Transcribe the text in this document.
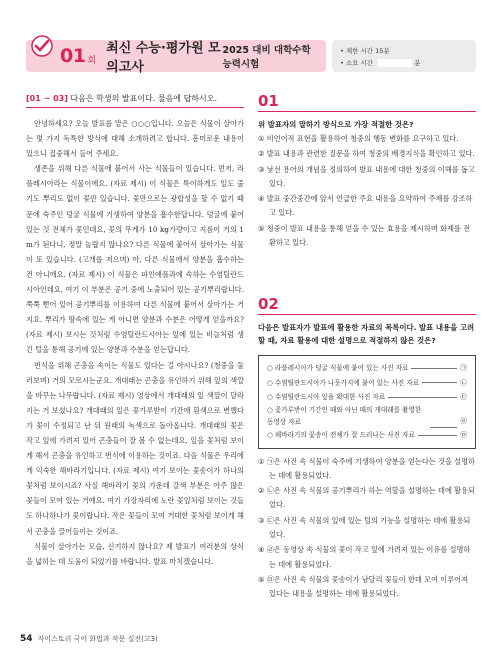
01 회
최신 수능·평가원 모의고사
2025 대비 대학수학능력시험
• 제한 시간 15분
• 소요 시간	분
[01 ~ 03] 다음은 학생의 발표이다. 물음에 답하시오.

안녕하세요? 오늘 발표를 맡은 ○○○입니다. 오늘은 식물이 살아가는 몇 가지 독특한 방식에 대해 소개하려고 합니다. 흥미로운 내용이 있으니 집중해서 들어 주세요.

생존을 위해 다른 식물에 붙어서 사는 식물들이 있습니다. 먼저, 라플레시아라는 식물이에요. (자료 제시) 이 식물은 특이하게도 잎도 줄기도 뿌리도 없이 꽃만 있습니다. 꽃만으로는 광합성을 할 수 없기 때문에 숙주인 덩굴 식물에 기생하여 양분을 흡수한답니다. 덩굴에 붙어 있는 것 전체가 꽃인데요, 꽃의 무게가 10 kg가량이고 지름이 거의 1 m가 된다니, 정말 놀랍지 않나요? 다른 식물에 붙어서 살아가는 식물이 또 있습니다. (고개를 저으며) 아, 다른 식물에서 양분을 흡수하는 건 아니에요. (자료 제시) 이 식물은 파인애플과에 속하는 수염틸란드시아인데요, 여기 이 부분은 공기 중에 노출되어 있는 공기뿌리랍니다. 쭉쭉 뻗어 있어 공기뿌리를 이용하여 다른 식물에 붙어서 살아가는 거지요. 뿌리가 땅속에 있는 게 아니면 양분과 수분은 어떻게 얻을까요? (자료 제시) 보시는 것처럼 수염틸란드시아는 잎에 있는 비늘처럼 생긴 털을 통해 공기에 있는 양분과 수분을 얻는답니다.

번식을 위해 곤충을 속이는 식물도 있다는 걸 아시나요? (청중을 둘러보며) 거의 모르시는군요. 개대래는 곤충을 유인하기 위해 잎의 색깔을 바꾸는 나무랍니다. (자료 제시) 영상에서 개대래의 잎 색깔이 달라지는 거 보셨나요? 개대래의 잎은 꽃가루받이 기간에 흰색으로 변했다가 꽃이 수정되고 난 뒤 원래의 녹색으로 돌아옵니다. 개대래의 꽃은 작고 잎에 가려져 있어 곤충들이 잘 볼 수 없는데요, 잎을 꽃처럼 보이게 해서 곤충을 유인하고 번식에 이용하는 것이죠. 다음 식물은 우리에게 익숙한 해바라기입니다. (자료 제시) 여기 보이는 꽃송이가 하나의 꽃처럼 보이시죠? 사실 해바라기 꽃의 가운데 갈색 부분은 아주 많은 꽃들이 모여 있는 거예요. 여기 가장자리에 노란 꽃잎처럼 보이는 것들도 하나하나가 꽃이랍니다. 작은 꽃들이 모여 거대한 꽃처럼 보이게 해서 곤충을 끌어들이는 것이죠.

식물이 살아가는 모습, 신기하지 않나요? 제 발표가 여러분의 상식을 넓히는 데 도움이 되었기를 바랍니다. 발표 마치겠습니다.

01
위 발표자의 말하기 방식으로 가장 적절한 것은?
① 비언어적 표현을 활용하여 청중의 행동 변화를 요구하고 있다.
② 발표 내용과 관련한 질문을 하여 청중의 배경지식을 확인하고 있다.
③ 낯선 용어의 개념을 정의하여 발표 내용에 대한 청중의 이해를 돕고 있다.
④ 발표 중간중간에 앞서 언급한 주요 내용을 요약하여 주제를 강조하고 있다.
⑤ 청중이 발표 내용을 통해 얻을 수 있는 효용을 제시하며 화제를 전환하고 있다.
02
다음은 발표자가 발표에 활용한 자료의 목록이다. 발표 내용을 고려할 때, 자료 활용에 대한 설명으로 적절하지 않은 것은?
○ 라플레시아가 덩굴 식물에 붙어 있는 사진 자료	㉠
○ 수염틸란드시아가 나뭇가지에 붙어 있는 사진 자료	㉡
○ 수염틸란드시아 잎을 확대한 사진 자료	㉢
○ 꽃가루받이 기간인 때와 아닌 때의 개대래를 촬영한 동영상 자료	㉣
○ 해바라기의 꽃송이 전체가 잘 드러나는 사진 자료	㉤
① ㉠은 사진 속 식물이 숙주에 기생하여 양분을 얻는다는 것을 설명하는 데에 활용되었다.
② ㉡은 사진 속 식물의 공기뿌리가 하는 역할을 설명하는 데에 활용되었다.
③ ㉢은 사진 속 식물의 잎에 있는 털의 기능을 설명하는 데에 활용되었다.
④ ㉣은 동영상 속 식물의 꽃이 작고 잎에 가려져 있는 이유를 설명하는 데에 활용되었다.
⑤ ㉤은 사진 속 식물의 꽃송이가 남달리 꽃들이 한데 모여 이루어져 있다는 내용을 설명하는 데에 활용되었다.
54 자이스토리 국어 화법과 작문 실전(고3)
